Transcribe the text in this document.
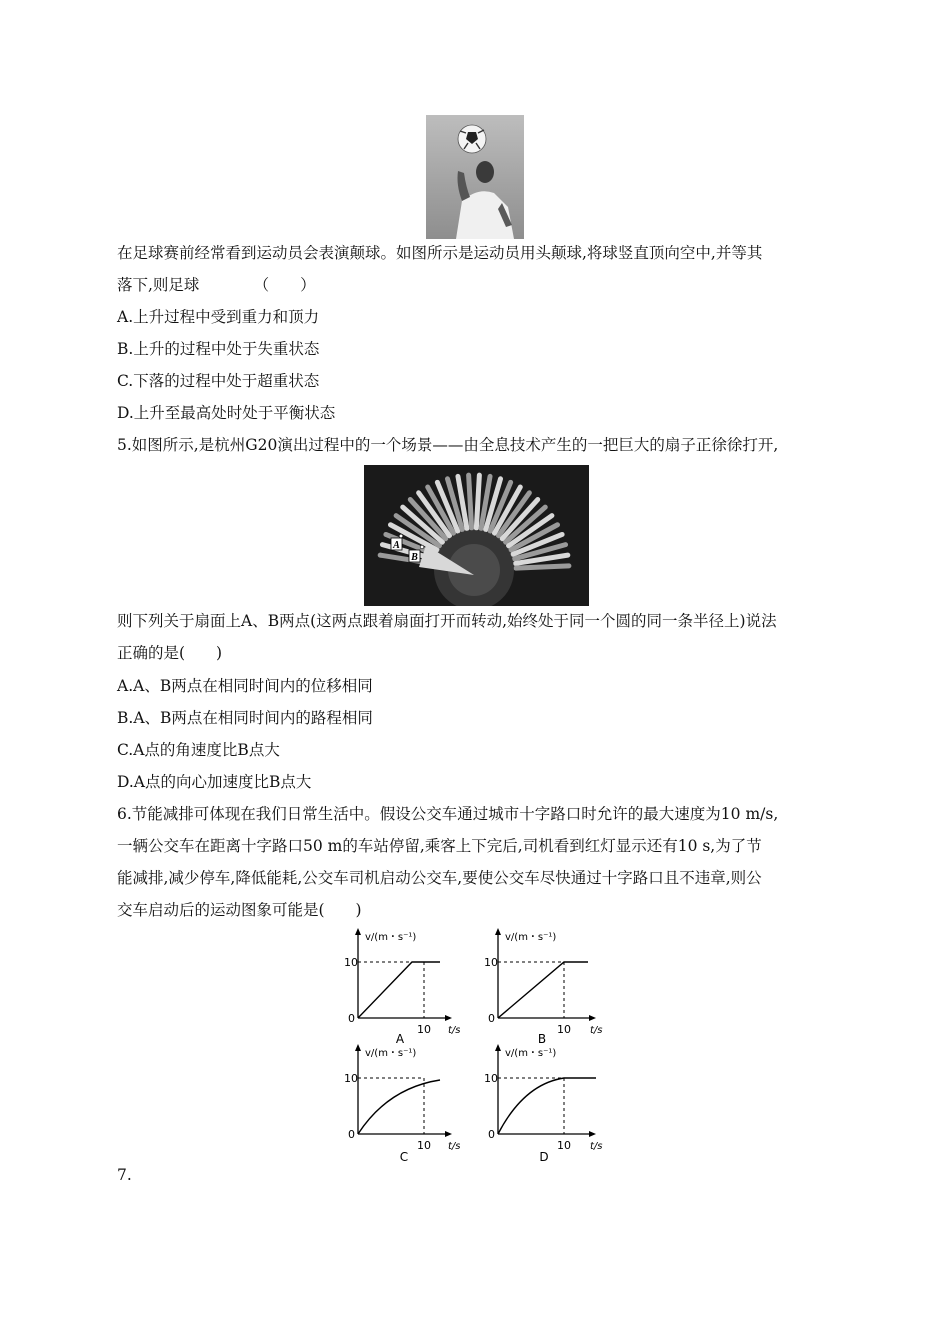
在足球赛前经常看到运动员会表演颠球。如图所示是运动员用头颠球,将球竖直顶向空中,并等其
落下,则足球　　　　（　　）
A.上升过程中受到重力和顶力
B.上升的过程中处于失重状态
C.下落的过程中处于超重状态
D.上升至最高处时处于平衡状态
5.如图所示,是杭州G20演出过程中的一个场景——由全息技术产生的一把巨大的扇子正徐徐打开,
A
B
则下列关于扇面上A、B两点(这两点跟着扇面打开而转动,始终处于同一个圆的同一条半径上)说法
正确的是(　　)
A.A、B两点在相同时间内的位移相同
B.A、B两点在相同时间内的路程相同
C.A点的角速度比B点大
D.A点的向心加速度比B点大
6.节能减排可体现在我们日常生活中。假设公交车通过城市十字路口时允许的最大速度为10 m/s,
一辆公交车在距离十字路口50 m的车站停留,乘客上下完后,司机看到红灯显示还有10 s,为了节
能减排,减少停车,降低能耗,公交车司机启动公交车,要使公交车尽快通过十字路口且不违章,则公
交车启动后的运动图象可能是(　　)
v/(m・s⁻¹)
10
0
10 t/s
A
v/(m・s⁻¹)
10
0
10 t/s
B
v/(m・s⁻¹)
10
0
10 t/s
C
v/(m・s⁻¹)
10
0
10 t/s
D
7.
